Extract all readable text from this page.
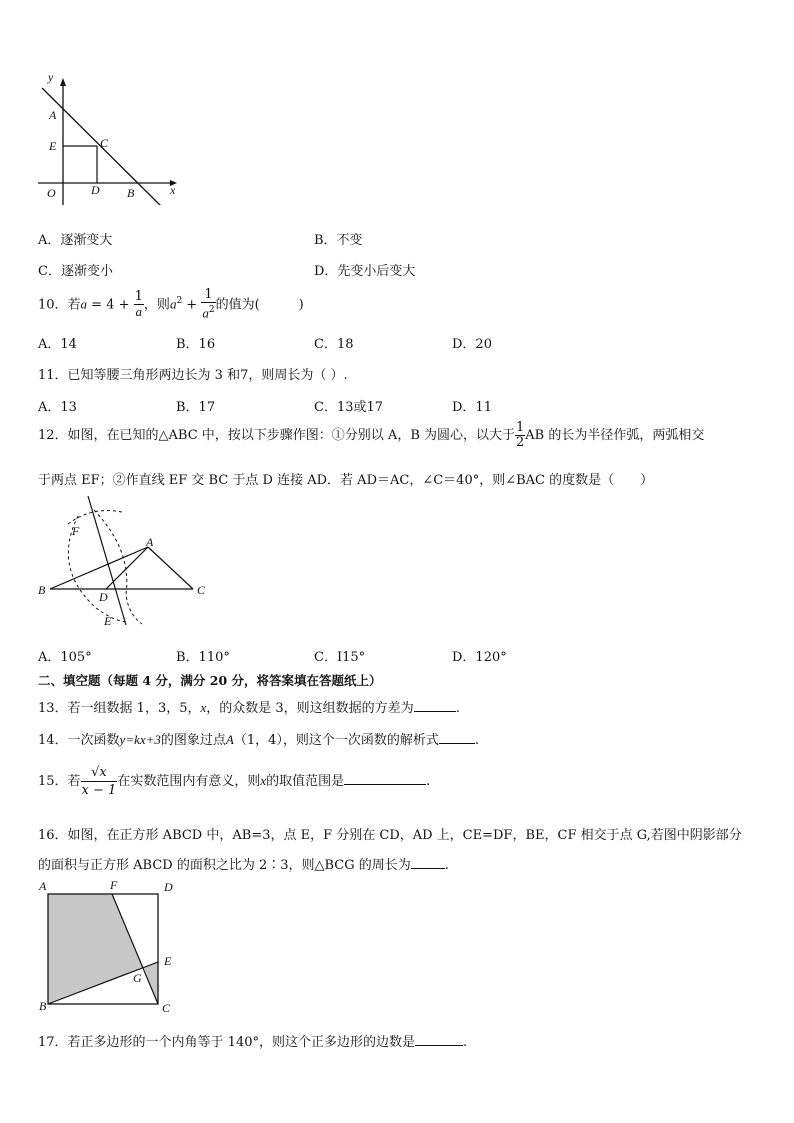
y
A
E	C
O	D B	x
A．逐渐变大	B．不变
C．逐渐变小	D．先变小后变大
10．若$a = 4 + \frac{1}{a}$ ，则$a^2 + \frac{1}{a^2}$ 的值为(　　　)
A．14	B．16	C．18	D．20
11．已知等腰三角形两边长为 3 和7，则周长为（ ）.
A．13	B．17	C．13或17	D．11
12．如图，在已知的△ABC 中，按以下步骤作图：①分别以 A，B 为圆心，以大于 $\frac{1}{2}$ AB 的长为半径作弧，两弧相交
于两点 EF；②作直线 EF 交 BC 于点 D 连接 AD．若 AD＝AC，∠C＝40°，则∠BAC 的度数是（　　）
F
A
B	D	C
E
A．105°	B．110°	C．I15°	D．120°
二、填空题（每题 4 分，满分 20 分，将答案填在答题纸上）
13．若一组数据 1，3，5，x，的众数是 3，则这组数据的方差为	.
14．一次函数y=kx+3的图象过点A（1，4），则这个一次函数的解析式	.
15．若 $\frac{√x}{x - 1}$ 在实数范围内有意义，则x的取值范围是	.
16．如图，在正方形 ABCD 中，AB=3，点 E，F 分别在 CD，AD 上，CE=DF，BE，CF 相交于点 G,若图中阴影部分
的面积与正方形 ABCD 的面积之比为 2∶3，则△BCG 的周长为	.
A	F	D
E
G
B	C
17．若正多边形的一个内角等于 140°，则这个正多边形的边数是	.
